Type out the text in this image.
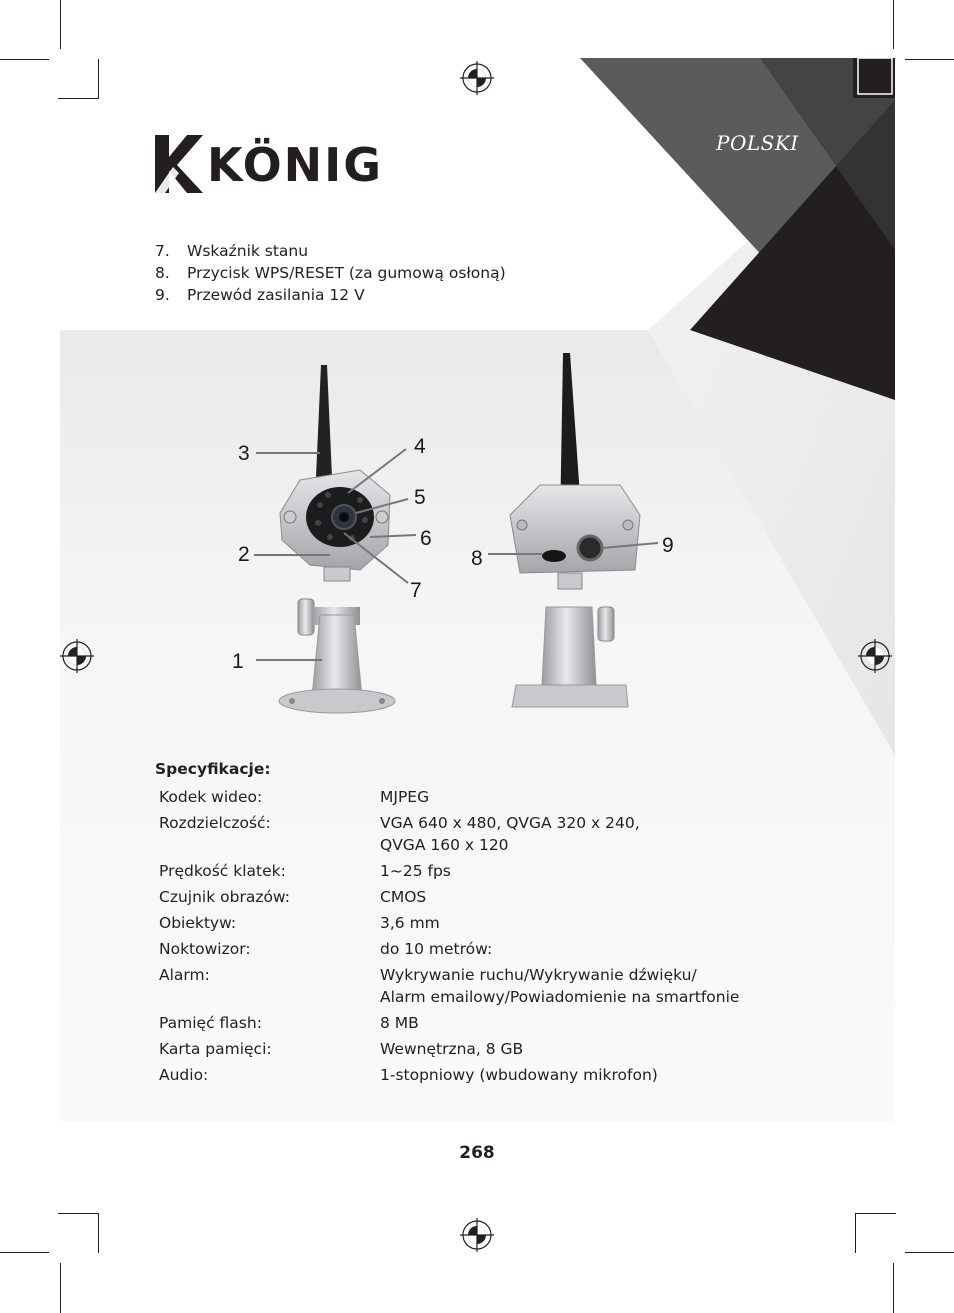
KÖNIG	POLSKI
7.	Wskaźnik stanu
8.	Przycisk WPS/RESET (za gumową osłoną)
9.	Przewód zasilania 12 V
1
2
3	4
5
6
7
8
9
Specyfikacje:
Kodek wideo:	MJPEG
Rozdzielczość:	VGA 640 x 480, QVGA 320 x 240,
QVGA 160 x 120
Prędkość klatek:	1~25 fps
Czujnik obrazów:	CMOS
Obiektyw:	3,6 mm
Noktowizor:	do 10 metrów:
Alarm:	Wykrywanie ruchu/Wykrywanie dźwięku/
Alarm emailowy/Powiadomienie na smartfonie
Pamięć flash:	8 MB
Karta pamięci:	Wewnętrzna, 8 GB
Audio:	1-stopniowy (wbudowany mikrofon)
268
